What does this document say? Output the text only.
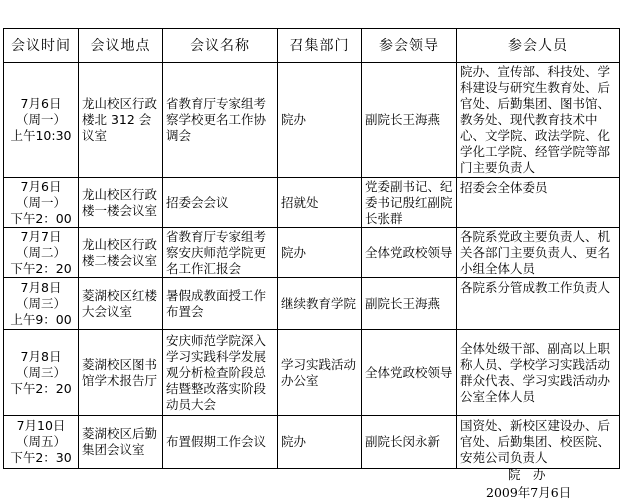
会议时间	会议地点	会议名称	召集部门	参会领导	参会人员

7月6日
（周一）
上午10:30	龙山校区行政楼北 312 会议室	省教育厅专家组考察学校更名工作协调会	院办	副院长王海燕	院办、宣传部、科技处、学科建设与研究生教育处、后官处、后勤集团、图书馆、教务处、现代教育技术中心、文学院、政法学院、化学化工学院、经管学院等部门主要负责人

7月6日
（周一）
下午2：00	龙山校区行政楼一楼会议室	招委会会议	招就处	党委副书记、纪委书记殷红副院长张群	招委会全体委员

7月7日
（周二）
下午2：20	龙山校区行政楼二楼会议室	省教育厅专家组考察安庆师范学院更名工作汇报会	院办	全体党政校领导	各院系党政主要负责人、机关各部门主要负责人、更名小组全体人员

7月8日
（周三）
上午9：00	菱湖校区红楼大会议室	暑假成教面授工作布置会	继续教育学院	副院长王海燕	各院系分管成教工作负责人

7月8日
（周三）
下午2：20	菱湖校区图书馆学术报告厅	安庆师范学院深入学习实践科学发展观分析检查阶段总结暨整改落实阶段动员大会	学习实践活动办公室	全体党政校领导	全体处级干部、副高以上职称人员、学校学习实践活动群众代表、学习实践活动办公室全体人员

7月10日
（周五）
下午2：30	菱湖校区后勤集团会议室	布置假期工作会议	院办	副院长闵永新	国资处、新校区建设办、后官处、后勤集团、校医院、安苑公司负责人
院　办
2009年7月6日
